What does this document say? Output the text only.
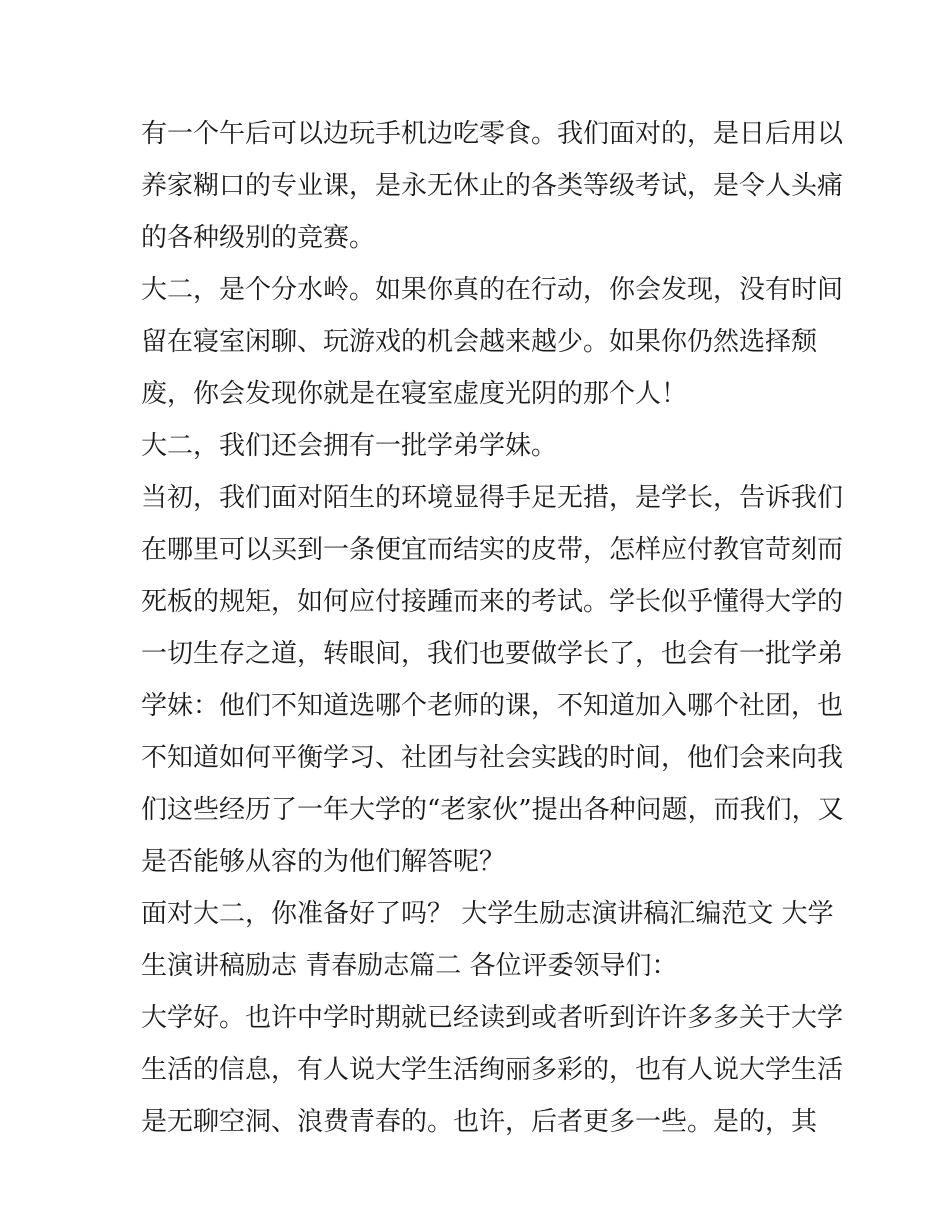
有一个午后可以边玩手机边吃零食。我们面对的，是日后用以
养家糊口的专业课，是永无休止的各类等级考试，是令人头痛
的各种级别的竞赛。
大二，是个分水岭。如果你真的在行动，你会发现，没有时间
留在寝室闲聊、玩游戏的机会越来越少。如果你仍然选择颓
废，你会发现你就是在寝室虚度光阴的那个人！
大二，我们还会拥有一批学弟学妹。
当初，我们面对陌生的环境显得手足无措，是学长，告诉我们
在哪里可以买到一条便宜而结实的皮带，怎样应付教官苛刻而
死板的规矩，如何应付接踵而来的考试。学长似乎懂得大学的
一切生存之道，转眼间，我们也要做学长了，也会有一批学弟
学妹：他们不知道选哪个老师的课，不知道加入哪个社团，也
不知道如何平衡学习、社团与社会实践的时间，他们会来向我
们这些经历了一年大学的“老家伙”提出各种问题，而我们，又
是否能够从容的为他们解答呢？
面对大二，你准备好了吗？ 大学生励志演讲稿汇编范文 大学
生演讲稿励志 青春励志篇二 各位评委领导们：
大学好。也许中学时期就已经读到或者听到许许多多关于大学
生活的信息，有人说大学生活绚丽多彩的，也有人说大学生活
是无聊空洞、浪费青春的。也许，后者更多一些。是的，其
